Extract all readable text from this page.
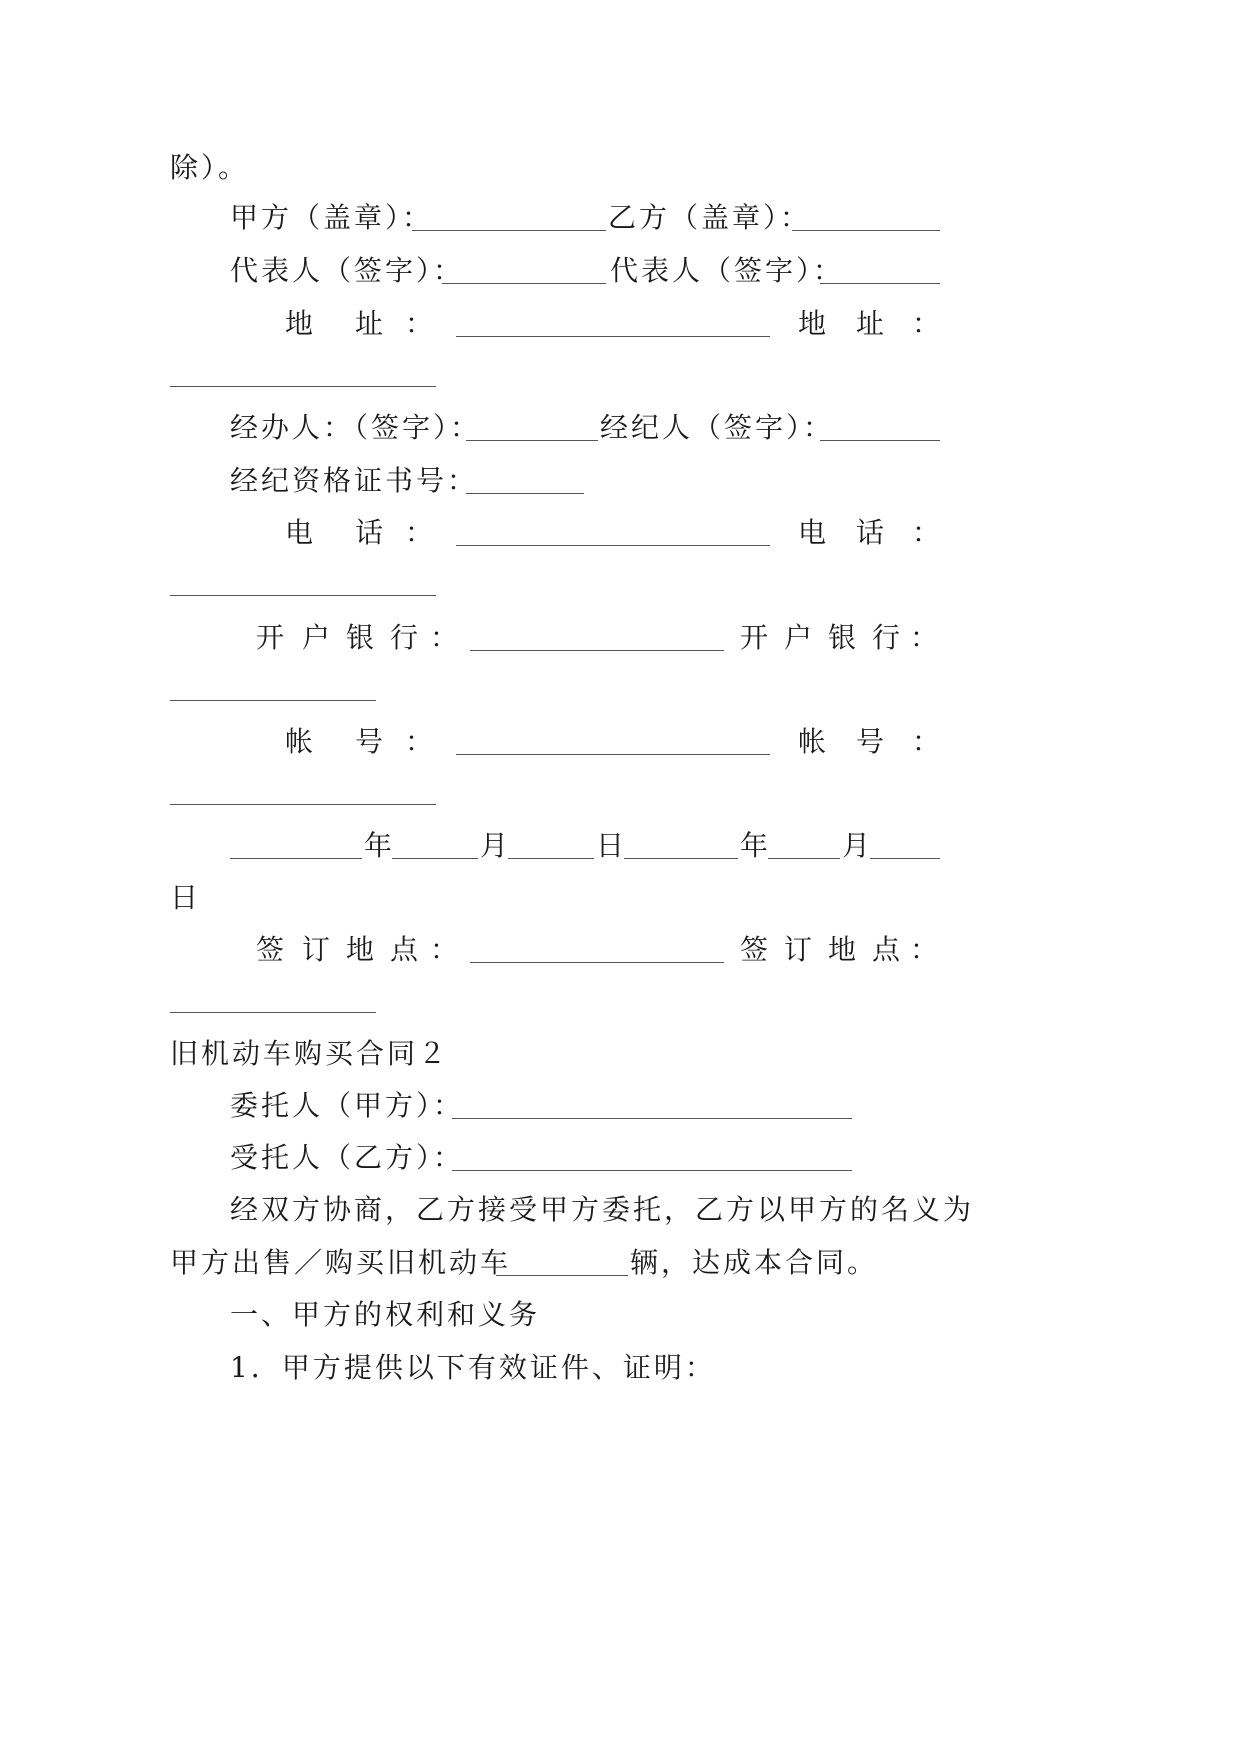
除）。
甲方（盖章）：	乙方（盖章）：
代表人（签字）：	代表人（签字）：
地 址 ：	地 址 ：
经办人：（签字）：	经纪人（签字）：
经纪资格证书号：
电 话 ：	电 话 ：
开 户 银 行 ：	开 户 银 行 ：
帐 号 ：	帐 号 ：
年	月	日	年	月
日
签 订 地 点 ：	签 订 地 点 ：
旧机动车购买合同２
委托人（甲方）：
受托人（乙方）：
经双方协商，乙方接受甲方委托，乙方以甲方的名义为
甲方出售／购买旧机动车	辆，达成本合同。
一、甲方的权利和义务
1．甲方提供以下有效证件、证明：
